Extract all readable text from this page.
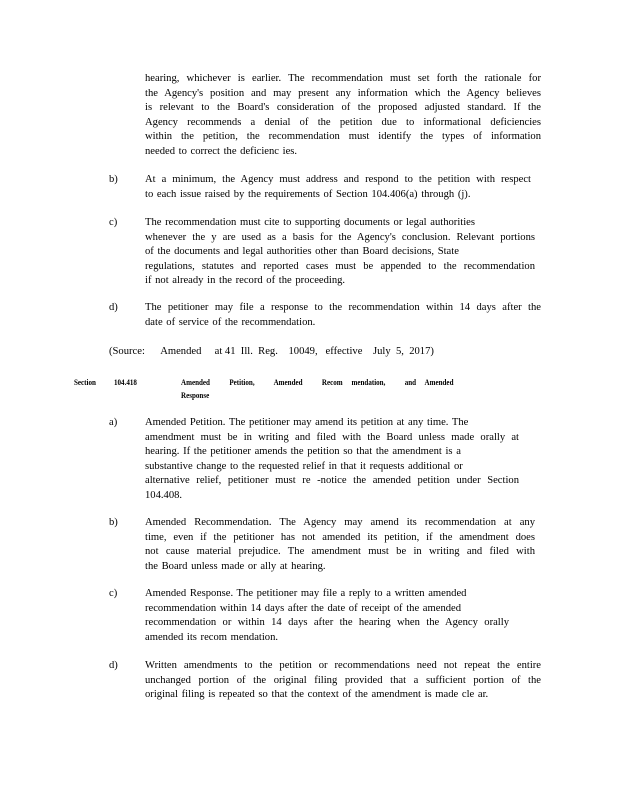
hearing, whichever is earlier. The recommendation must set forth the rationale for
the Agency's position and may present any information which the Agency believes
is relevant to the Board's consideration of the proposed adjusted standard. If the
Agency recommends a denial of the petition due to informational deficiencies
within the petition, the recommendation must identify the types of information
needed to correct the deficienc ies.
b)	At a minimum, the Agency must address and respond to the petition with respect
to each issue raised by the requirements of Section 104.406(a) through (j).
c)	The recommendation must cite to supporting documents or legal authorities
whenever the y are used as a basis for the Agency's conclusion. Relevant portions
of the documents and legal authorities other than Board decisions, State
regulations, statutes and reported cases must be appended to the recommendation
if not already in the record of the proceeding.
d)	The petitioner may file a response to the recommendation within 14 days after the
date of service of the recommendation.
(Source:      Amended     at 41  Ill.  Reg.    10049,   effective    July  5,  2017)
Section 104.418	Amended           Petition,           Amended           Recom     mendation,           and     Amended
Response
a)	Amended Petition. The petitioner may amend its petition at any time. The
amendment must be in writing and filed with the Board unless made orally at
hearing. If the petitioner amends the petition so that the amendment is a
substantive change to the requested relief in that it requests additional or
alternative relief, petitioner must re -notice the amended petition under Section
104.408.
b)	Amended Recommendation. The Agency may amend its recommendation at any
time, even if the petitioner has not amended its petition, if the amendment does
not cause material prejudice. The amendment must be in writing and filed with
the Board unless made or ally at hearing.
c)	Amended Response. The petitioner may file a reply to a written amended
recommendation within 14 days after the date of receipt of the amended
recommendation or within 14 days after the hearing when the Agency orally
amended its recom mendation.
d)	Written amendments to the petition or recommendations need not repeat the entire
unchanged portion of the original filing provided that a sufficient portion of the
original filing is repeated so that the context of the amendment is made cle ar.
